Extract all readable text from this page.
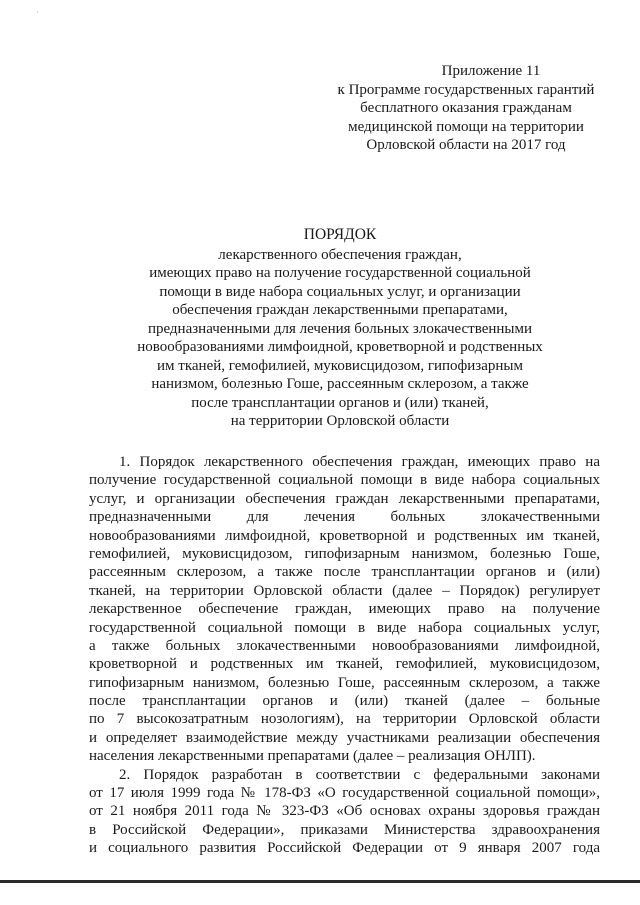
·
Приложение 11
к Программе государственных гарантий
бесплатного оказания гражданам
медицинской помощи на территории
Орловской области на 2017 год
ПОРЯДОК
лекарственного обеспечения граждан,
имеющих право на получение государственной социальной
помощи в виде набора социальных услуг, и организации
обеспечения граждан лекарственными препаратами,
предназначенными для лечения больных злокачественными
новообразованиями лимфоидной, кроветворной и родственных
им тканей, гемофилией, муковисцидозом, гипофизарным
нанизмом, болезнью Гоше, рассеянным склерозом, а также
после трансплантации органов и (или) тканей,
на территории Орловской области
1. Порядок лекарственного обеспечения граждан, имеющих право на
получение государственной социальной помощи в виде набора социальных
услуг, и организации обеспечения граждан лекарственными препаратами,
предназначенными для лечения больных злокачественными
новообразованиями лимфоидной, кроветворной и родственных им тканей,
гемофилией, муковисцидозом, гипофизарным нанизмом, болезнью Гоше,
рассеянным склерозом, а также после трансплантации органов и (или)
тканей, на территории Орловской области (далее – Порядок) регулирует
лекарственное обеспечение граждан, имеющих право на получение
государственной социальной помощи в виде набора социальных услуг,
а также больных злокачественными новообразованиями лимфоидной,
кроветворной и родственных им тканей, гемофилией, муковисцидозом,
гипофизарным нанизмом, болезнью Гоше, рассеянным склерозом, а также
после трансплантации органов и (или) тканей (далее – больные
по 7 высокозатратным нозологиям), на территории Орловской области
и определяет взаимодействие между участниками реализации обеспечения
населения лекарственными препаратами (далее – реализация ОНЛП).
2. Порядок разработан в соответствии с федеральными законами
от 17 июля 1999 года № 178-ФЗ «О государственной социальной помощи»,
от 21 ноября 2011 года № 323-ФЗ «Об основах охраны здоровья граждан
в Российской Федерации», приказами Министерства здравоохранения
и социального развития Российской Федерации от 9 января 2007 года
